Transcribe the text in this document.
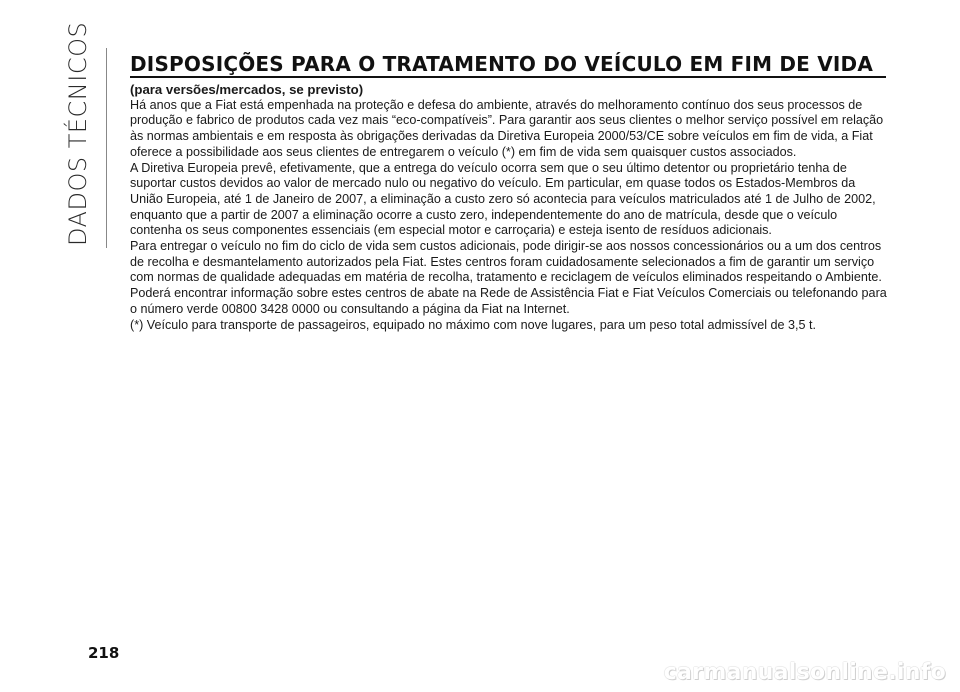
DADOS TÉCNICOS DISPOSIÇÕES PARA O TRATAMENTO DO VEÍCULO EM FIM DE VIDA

(para versões/mercados, se previsto)

Há anos que a Fiat está empenhada na proteção e defesa do ambiente, através do melhoramento contínuo dos seus processos de produção e fabrico de produtos cada vez mais “eco-compatíveis”. Para garantir aos seus clientes o melhor serviço possível em relação às normas ambientais e em resposta às obrigações derivadas da Diretiva Europeia 2000/53/CE sobre veículos em fim de vida, a Fiat oferece a possibilidade aos seus clientes de entregarem o veículo (*) em fim de vida sem quaisquer custos associados.

A Diretiva Europeia prevê, efetivamente, que a entrega do veículo ocorra sem que o seu último detentor ou proprietário tenha de suportar custos devidos ao valor de mercado nulo ou negativo do veículo. Em particular, em quase todos os Estados-Membros da União Europeia, até 1 de Janeiro de 2007, a eliminação a custo zero só acontecia para veículos matriculados até 1 de Julho de 2002, enquanto que a partir de 2007 a eliminação ocorre a custo zero, independentemente do ano de matrícula, desde que o veículo contenha os seus componentes essenciais (em especial motor e carroçaria) e esteja isento de resíduos adicionais.

Para entregar o veículo no fim do ciclo de vida sem custos adicionais, pode dirigir-se aos nossos concessionários ou a um dos centros de recolha e desmantelamento autorizados pela Fiat. Estes centros foram cuidadosamente selecionados a fim de garantir um serviço com normas de qualidade adequadas em matéria de recolha, tratamento e reciclagem de veículos eliminados respeitando o Ambiente.

Poderá encontrar informação sobre estes centros de abate na Rede de Assistência Fiat e Fiat Veículos Comerciais ou telefonando para o número verde 00800 3428 0000 ou consultando a página da Fiat na Internet.

(*) Veículo para transporte de passageiros, equipado no máximo com nove lugares, para um peso total admissível de 3,5 t.

218
carmanualsonline.info
